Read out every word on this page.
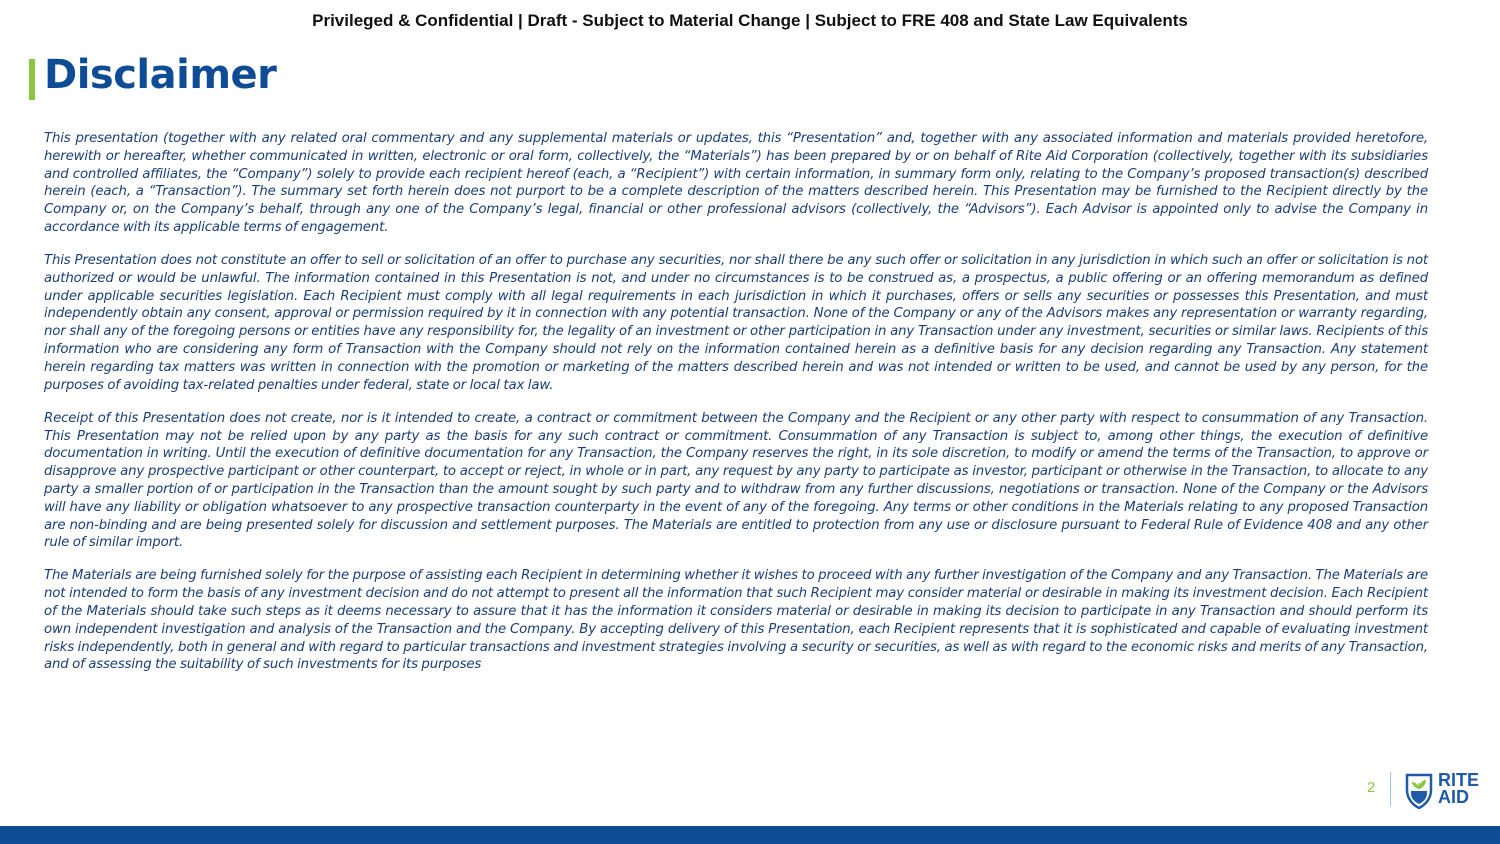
Privileged & Confidential | Draft - Subject to Material Change | Subject to FRE 408 and State Law Equivalents
Disclaimer

This presentation (together with any related oral commentary and any supplemental materials or updates, this “Presentation” and, together with any associated information and materials provided heretofore, herewith or hereafter, whether communicated in written, electronic or oral form, collectively, the “Materials”) has been prepared by or on behalf of Rite Aid Corporation (collectively, together with its subsidiaries and controlled affiliates, the “Company”) solely to provide each recipient hereof (each, a “Recipient”) with certain information, in summary form only, relating to the Company’s proposed transaction(s) described herein (each, a “Transaction”). The summary set forth herein does not purport to be a complete description of the matters described herein. This Presentation may be furnished to the Recipient directly by the Company or, on the Company’s behalf, through any one of the Company’s legal, financial or other professional advisors (collectively, the “Advisors”). Each Advisor is appointed only to advise the Company in accordance with its applicable terms of engagement.

This Presentation does not constitute an offer to sell or solicitation of an offer to purchase any securities, nor shall there be any such offer or solicitation in any jurisdiction in which such an offer or solicitation is not authorized or would be unlawful. The information contained in this Presentation is not, and under no circumstances is to be construed as, a prospectus, a public offering or an offering memorandum as defined under applicable securities legislation. Each Recipient must comply with all legal requirements in each jurisdiction in which it purchases, offers or sells any securities or possesses this Presentation, and must independently obtain any consent, approval or permission required by it in connection with any potential transaction. None of the Company or any of the Advisors makes any representation or warranty regarding, nor shall any of the foregoing persons or entities have any responsibility for, the legality of an investment or other participation in any Transaction under any investment, securities or similar laws. Recipients of this information who are considering any form of Transaction with the Company should not rely on the information contained herein as a definitive basis for any decision regarding any Transaction. Any statement herein regarding tax matters was written in connection with the promotion or marketing of the matters described herein and was not intended or written to be used, and cannot be used by any person, for the purposes of avoiding tax-related penalties under federal, state or local tax law.

Receipt of this Presentation does not create, nor is it intended to create, a contract or commitment between the Company and the Recipient or any other party with respect to consummation of any Transaction. This Presentation may not be relied upon by any party as the basis for any such contract or commitment. Consummation of any Transaction is subject to, among other things, the execution of definitive documentation in writing. Until the execution of definitive documentation for any Transaction, the Company reserves the right, in its sole discretion, to modify or amend the terms of the Transaction, to approve or disapprove any prospective participant or other counterpart, to accept or reject, in whole or in part, any request by any party to participate as investor, participant or otherwise in the Transaction, to allocate to any party a smaller portion of or participation in the Transaction than the amount sought by such party and to withdraw from any further discussions, negotiations or transaction. None of the Company or the Advisors will have any liability or obligation whatsoever to any prospective transaction counterparty in the event of any of the foregoing. Any terms or other conditions in the Materials relating to any proposed Transaction are non-binding and are being presented solely for discussion and settlement purposes. The Materials are entitled to protection from any use or disclosure pursuant to Federal Rule of Evidence 408 and any other rule of similar import.

The Materials are being furnished solely for the purpose of assisting each Recipient in determining whether it wishes to proceed with any further investigation of the Company and any Transaction. The Materials are not intended to form the basis of any investment decision and do not attempt to present all the information that such Recipient may consider material or desirable in making its investment decision. Each Recipient of the Materials should take such steps as it deems necessary to assure that it has the information it considers material or desirable in making its decision to participate in any Transaction and should perform its own independent investigation and analysis of the Transaction and the Company. By accepting delivery of this Presentation, each Recipient represents that it is sophisticated and capable of evaluating investment risks independently, both in general and with regard to particular transactions and investment strategies involving a security or securities, as well as with regard to the economic risks and merits of any Transaction, and of assessing the suitability of such investments for its purposes

2	RITE
AID
